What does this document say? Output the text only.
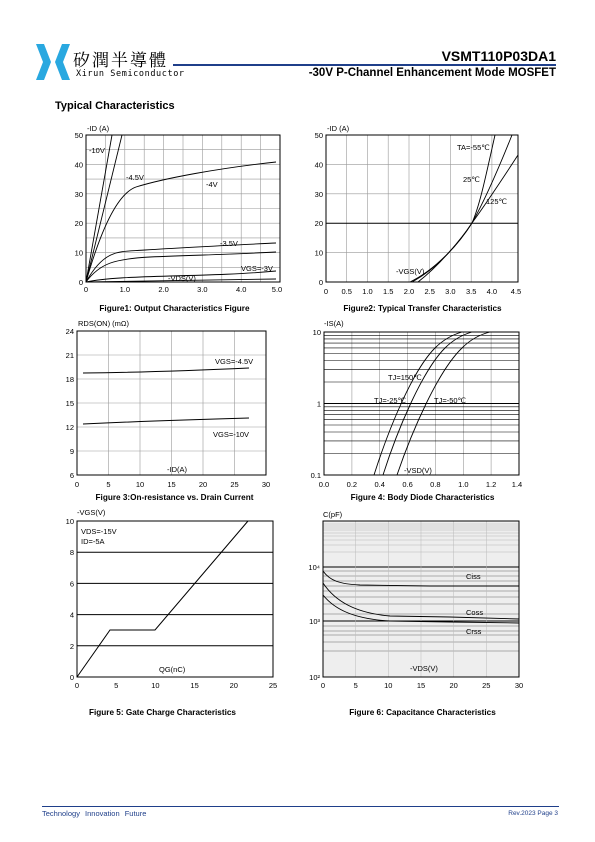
矽潤半導體
Xirun Semiconductor
VSMT110P03DA1
-30V P-Channel Enhancement Mode MOSFET
Typical Characteristics
-ID (A)
-VDS(V)
-10V
-4.5V
-4V
-3.5V
VGS=-3V
0	1.0	2.0	3.0	4.0	5.0
0
10
20
30
40
50
Figure1: Output Characteristics Figure
-ID (A)
-VGS(V)
TA=-55℃
25℃
125℃
0 0.5 1.0 1.5 2.0 2.5 3.0 3.5 4.0 4.5
0
10
20
30
40
50
Figure2: Typical Transfer Characteristics
RDS(ON) (mΩ)
-ID(A)
VGS=-4.5V
VGS=-10V
0	5	10	15	20	25	30
6
9
12
15
18
21
24
Figure 3:On-resistance vs. Drain Current
-IS(A)
-VSD(V)
TJ=150℃
TJ=-25℃	TJ=-50℃
0.0 0.2 0.4 0.6 0.8 1.0 1.2 1.4
0.1
1
10
Figure 4: Body Diode Characteristics
-VGS(V)
QG(nC)
VDS=-15V
ID=-5A
0	5	10	15	20	25
0
2
4
6
8
10
Figure 5: Gate Charge Characteristics
C(pF)
-VDS(V)
Ciss
Coss
Crss
0	5	10	15	20	25	30
10²
10³
10⁴
Figure 6: Capacitance Characteristics
Technology Innovation Future	Rev.2023 Page 3
